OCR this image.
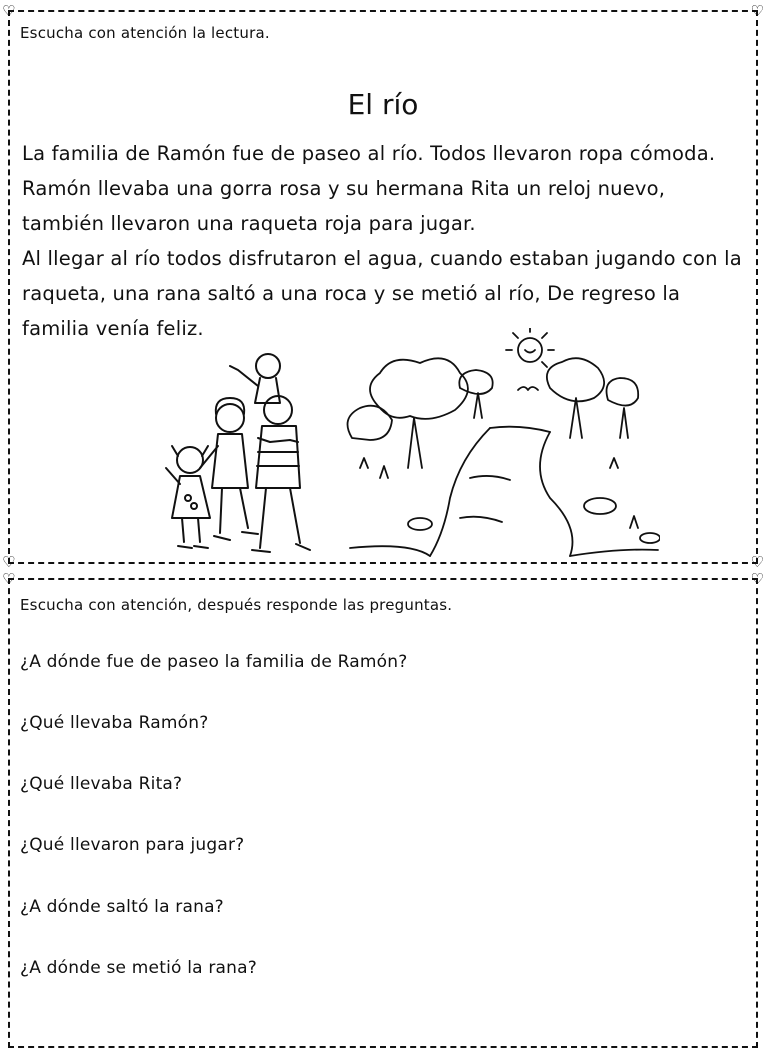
♡	♡
♡	♡
Escucha con atención la lectura.
El río

La familia de Ramón fue de paseo al río. Todos llevaron ropa cómoda. Ramón llevaba una gorra rosa y su hermana Rita un reloj nuevo, también llevaron una raqueta roja para jugar.

Al llegar al río todos disfrutaron el agua, cuando estaban jugando con la raqueta, una rana saltó a una roca y se metió al río, De regreso la familia venía feliz.

♡	♡
Escucha con atención, después responde las preguntas.
¿A dónde fue de paseo la familia de Ramón?
¿Qué llevaba Ramón?
¿Qué llevaba Rita?
¿Qué llevaron para jugar?
¿A dónde saltó la rana?
¿A dónde se metió la rana?
